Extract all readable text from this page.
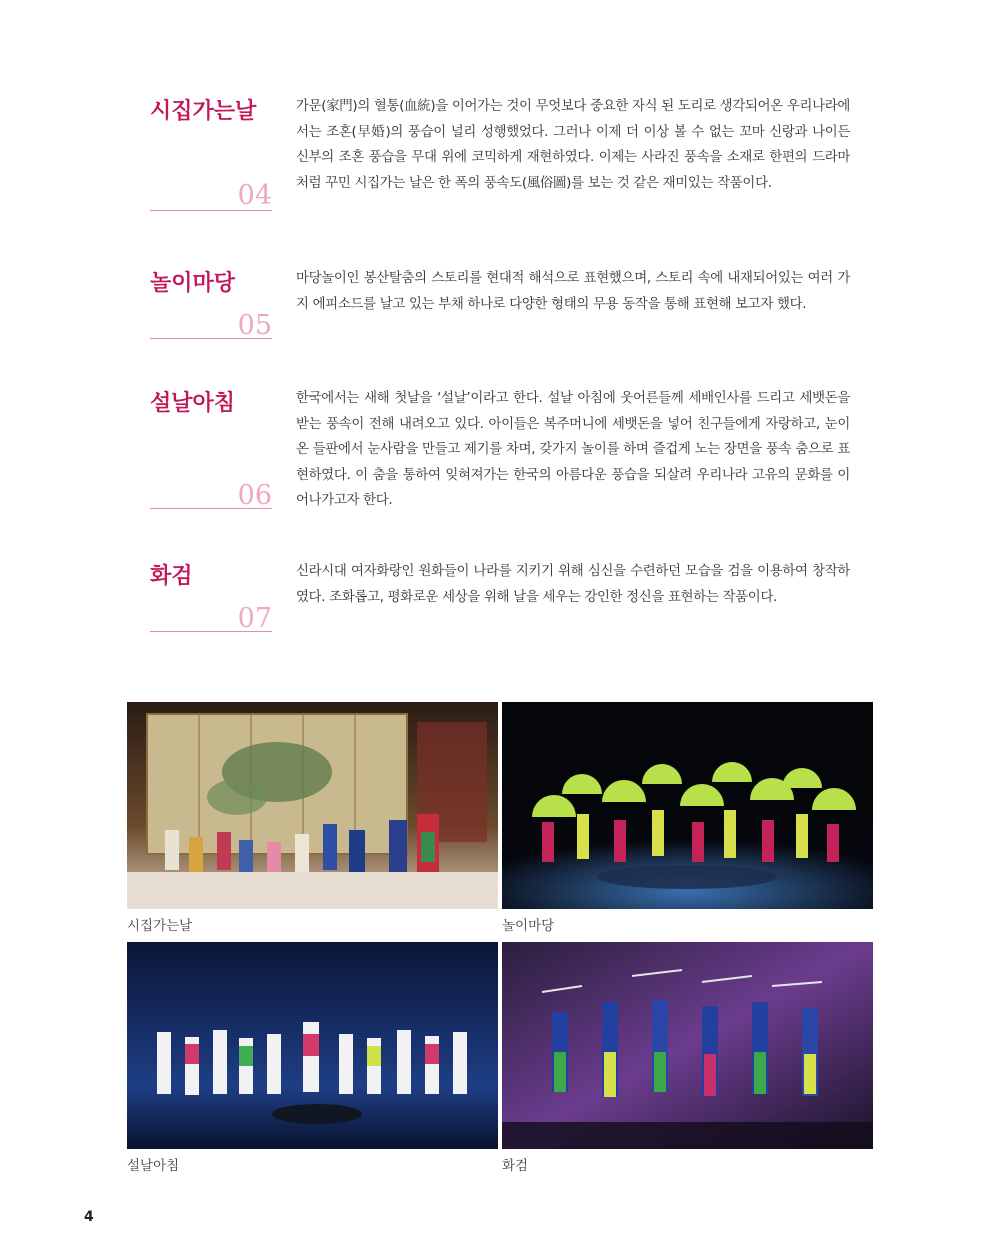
시집가는날
04
가문(家門)의 혈통(血統)을 이어가는 것이 무엇보다 중요한 자식 된 도리로 생각되어온 우리나라에서는 조혼(早婚)의 풍습이 널리 성행했었다. 그러나 이제 더 이상 볼 수 없는 꼬마 신랑과 나이든 신부의 조혼 풍습을 무대 위에 코믹하게 재현하였다. 이제는 사라진 풍속을 소재로 한편의 드라마처럼 꾸민 시집가는 날은 한 폭의 풍속도(風俗圖)를 보는 것 같은 재미있는 작품이다.
놀이마당
05
마당놀이인 봉산탈춤의 스토리를 현대적 해석으로 표현했으며, 스토리 속에 내재되어있는 여러 가지 에피소드를 날고 있는 부채 하나로 다양한 형태의 무용 동작을 통해 표현해 보고자 했다.
설날아침
06
한국에서는 새해 첫날을 ‘설날’이라고 한다. 설날 아침에 웃어른들께 세배인사를 드리고 세뱃돈을 받는 풍속이 전해 내려오고 있다. 아이들은 복주머니에 세뱃돈을 넣어 친구들에게 자랑하고, 눈이 온 들판에서 눈사람을 만들고 제기를 차며, 갖가지 놀이를 하며 즐겁게 노는 장면을 풍속 춤으로 표현하였다. 이 춤을 통하여 잊혀져가는 한국의 아름다운 풍습을 되살려 우리나라 고유의 문화를 이어나가고자 한다.
화검
07
신라시대 여자화랑인 원화들이 나라를 지키기 위해 심신을 수련하던 모습을 검을 이용하여 창작하였다. 조화롭고, 평화로운 세상을 위해 날을 세우는 강인한 정신을 표현하는 작품이다.
시집가는날	놀이마당
설날아침	화검
4
